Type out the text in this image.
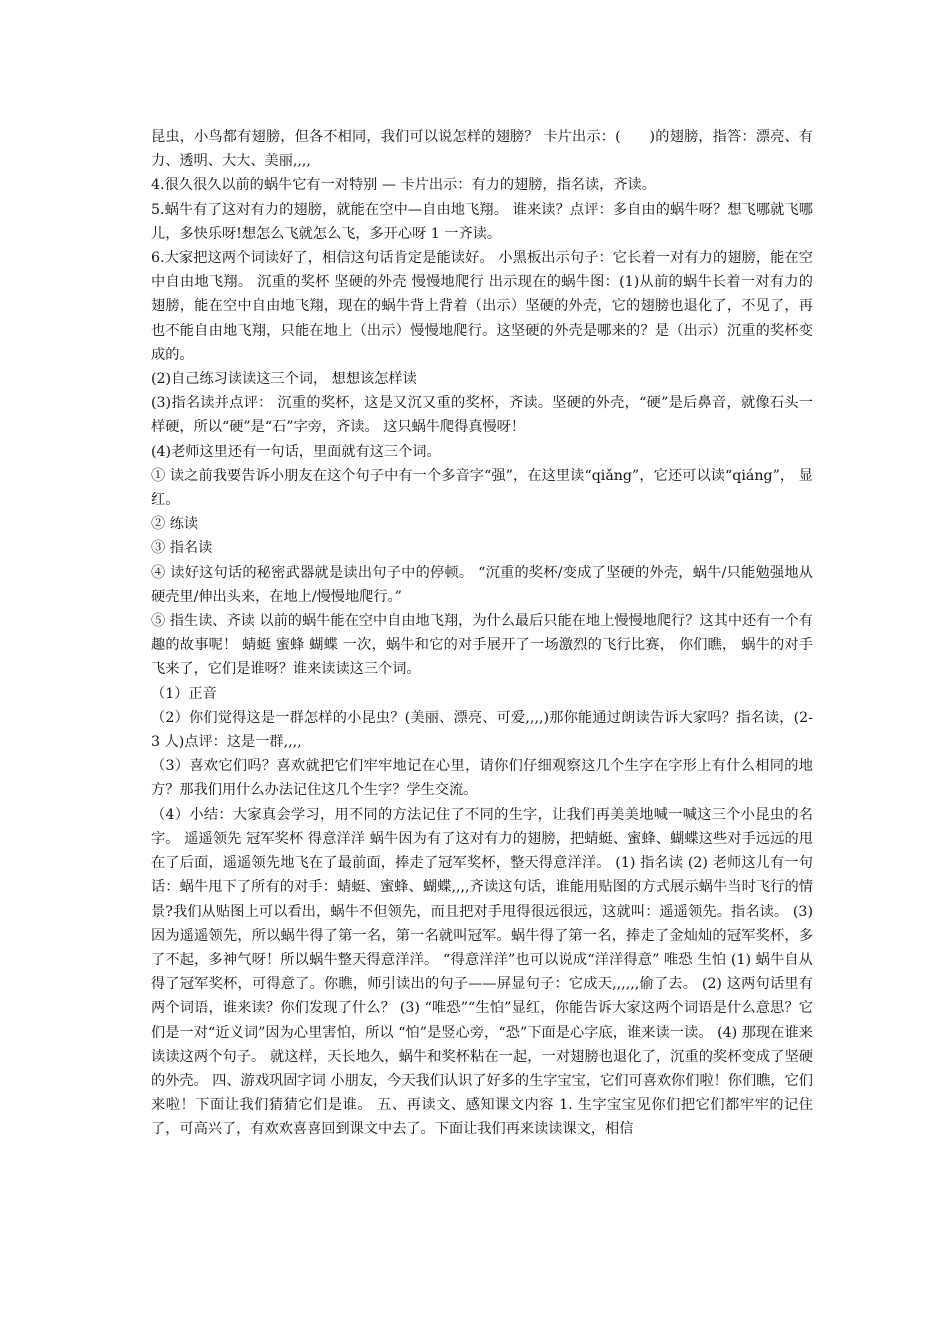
昆虫，小鸟都有翅膀，但各不相同，我们可以说怎样的翅膀？ 卡片出示：(　　)的翅膀，指答：漂亮、有力、透明、大大、美丽,,,,

4.很久很久以前的蜗牛它有一对特别 — 卡片出示：有力的翅膀，指名读，齐读。

5.蜗牛有了这对有力的翅膀，就能在空中—自由地飞翔。 谁来读？点评：多自由的蜗牛呀？想飞哪就飞哪儿，多快乐呀!想怎么飞就怎么飞，多开心呀 1 一齐读。

6.大家把这两个词读好了，相信这句话肯定是能读好。 小黑板出示句子：它长着一对有力的翅膀，能在空中自由地飞翔。 沉重的奖杯 坚硬的外壳 慢慢地爬行 出示现在的蜗牛图：(1)从前的蜗牛长着一对有力的翅膀，能在空中自由地飞翔，现在的蜗牛背上背着（出示）坚硬的外壳，它的翅膀也退化了，不见了，再也不能自由地飞翔，只能在地上（出示）慢慢地爬行。这坚硬的外壳是哪来的？是（出示）沉重的奖杯变成的。

(2)自己练习读读这三个词， 想想该怎样读

(3)指名读并点评： 沉重的奖杯，这是又沉又重的奖杯，齐读。坚硬的外壳，“硬”是后鼻音，就像石头一样硬，所以“硬”是“石”字旁，齐读。 这只蜗牛爬得真慢呀！

(4)老师这里还有一句话，里面就有这三个词。

① 读之前我要告诉小朋友在这个句子中有一个多音字“强”，在这里读“qiǎng”，它还可以读“qiáng”， 显红。

② 练读

③ 指名读

④ 读好这句话的秘密武器就是读出句子中的停顿。 “沉重的奖杯/变成了坚硬的外壳，蜗牛/只能勉强地从硬壳里/伸出头来，在地上/慢慢地爬行。”

⑤ 指生读、齐读 以前的蜗牛能在空中自由地飞翔，为什么最后只能在地上慢慢地爬行？这其中还有一个有趣的故事呢！ 蜻蜓 蜜蜂 蝴蝶 一次，蜗牛和它的对手展开了一场激烈的飞行比赛， 你们瞧， 蜗牛的对手飞来了，它们是谁呀？谁来读读这三个词。

（1）正音

（2）你们觉得这是一群怎样的小昆虫？(美丽、漂亮、可爱,,,,)那你能通过朗读告诉大家吗？指名读，(2-3 人)点评：这是一群,,,,

（3）喜欢它们吗？喜欢就把它们牢牢地记在心里，请你们仔细观察这几个生字在字形上有什么相同的地方？那我们用什么办法记住这几个生字？学生交流。

（4）小结：大家真会学习，用不同的方法记住了不同的生字，让我们再美美地喊一喊这三个小昆虫的名字。 遥遥领先 冠军奖杯 得意洋洋 蜗牛因为有了这对有力的翅膀，把蜻蜓、蜜蜂、蝴蝶这些对手远远的甩在了后面，遥遥领先地飞在了最前面，捧走了冠军奖杯，整天得意洋洋。 (1) 指名读 (2) 老师这儿有一句话：蜗牛甩下了所有的对手：蜻蜓、蜜蜂、蝴蝶,,,,齐读这句话，谁能用贴图的方式展示蜗牛当时飞行的情景?我们从贴图上可以看出，蜗牛不但领先，而且把对手甩得很远很远，这就叫：遥遥领先。指名读。 (3) 因为遥遥领先，所以蜗牛得了第一名，第一名就叫冠军。蜗牛得了第一名，捧走了金灿灿的冠军奖杯，多了不起，多神气呀！所以蜗牛整天得意洋洋。 “得意洋洋”也可以说成“洋洋得意” 唯恐 生怕 (1) 蜗牛自从得了冠军奖杯，可得意了。你瞧，师引读出的句子——屏显句子：它成天,,,,,,偷了去。 (2) 这两句话里有两个词语，谁来读？你们发现了什么？ (3) “唯恐”“生怕”显红，你能告诉大家这两个词语是什么意思？它们是一对“近义词”因为心里害怕，所以 “怕”是竖心旁，“恐”下面是心字底，谁来读一读。 (4) 那现在谁来读读这两个句子。 就这样，天长地久，蜗牛和奖杯粘在一起，一对翅膀也退化了，沉重的奖杯变成了坚硬的外壳。 四、游戏巩固字词 小朋友，今天我们认识了好多的生字宝宝，它们可喜欢你们啦！你们瞧，它们来啦！下面让我们猜猜它们是谁。 五、再读文、感知课文内容 1. 生字宝宝见你们把它们都牢牢的记住了，可高兴了，有欢欢喜喜回到课文中去了。下面让我们再来读读课文，相信
